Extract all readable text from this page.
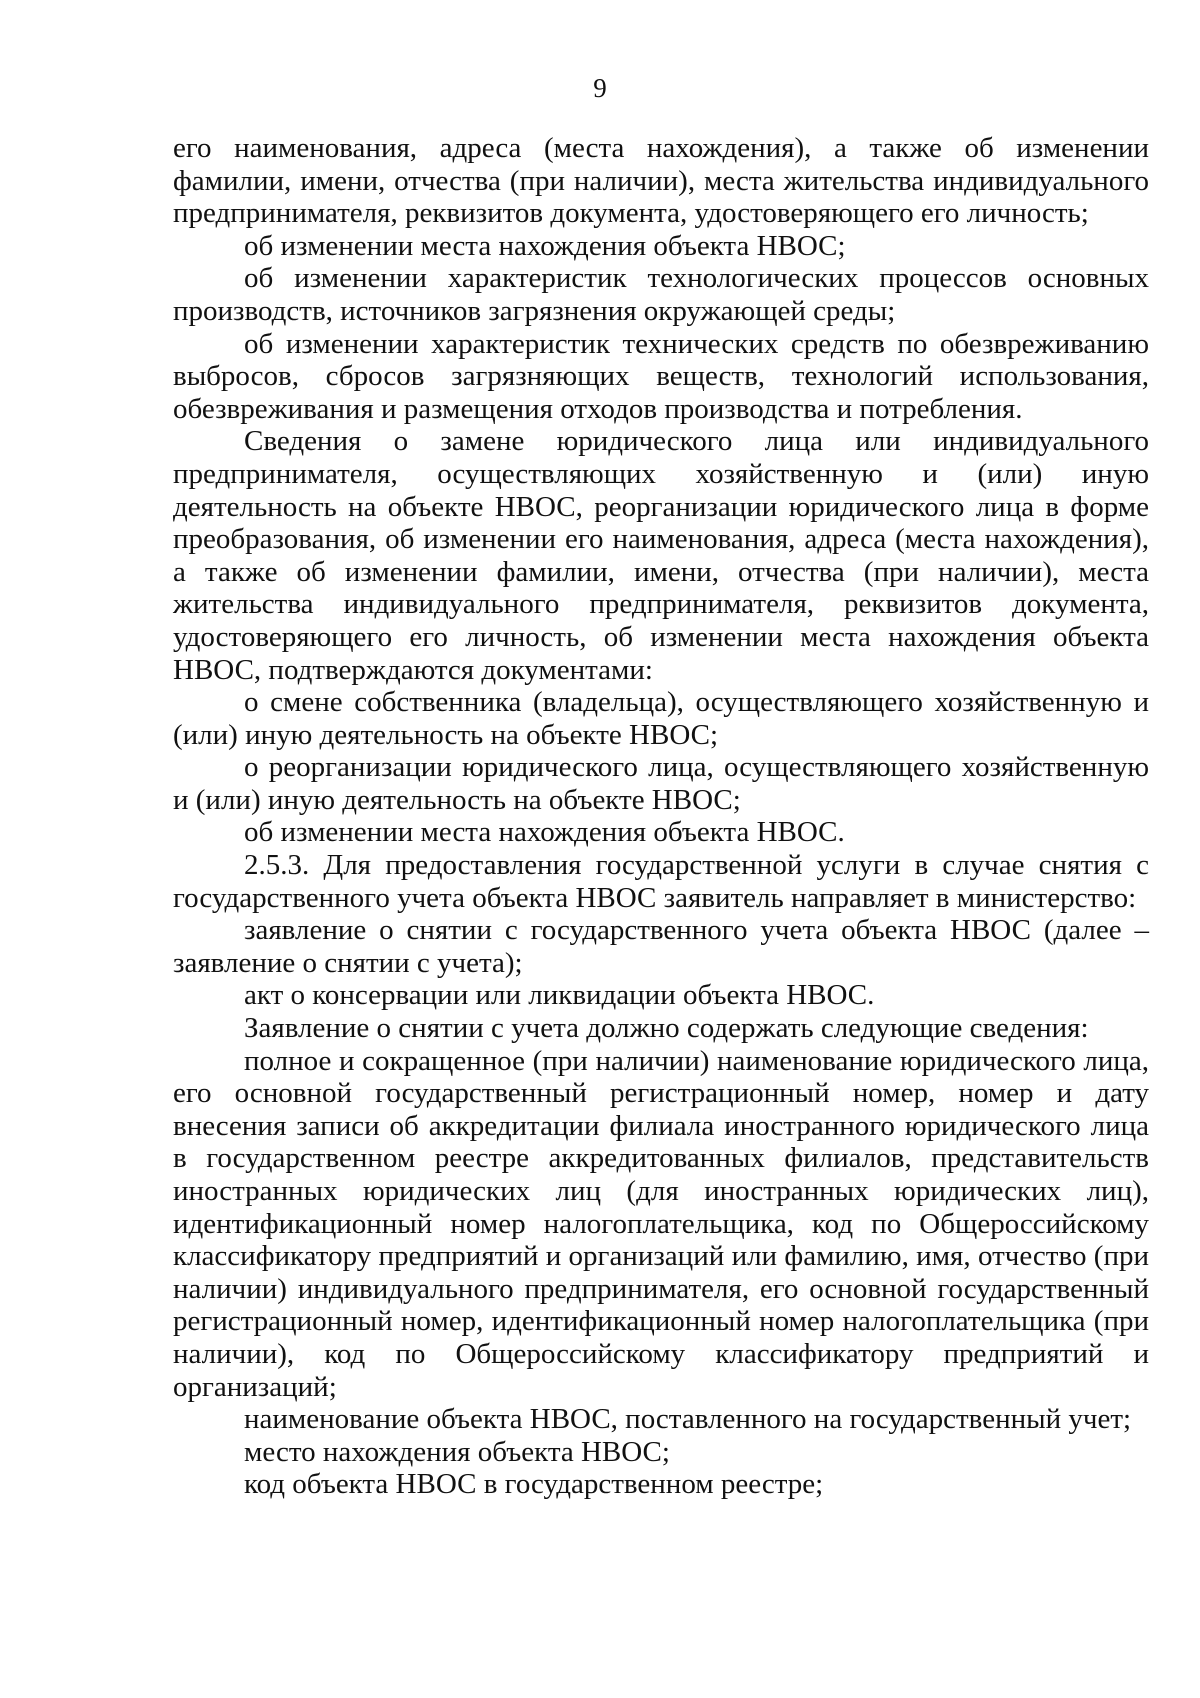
9

его наименования, адреса (места нахождения), а также об изменении фамилии, имени, отчества (при наличии), места жительства индивидуального предпринимателя, реквизитов документа, удостоверяющего его личность;

об изменении места нахождения объекта НВОС;

об изменении характеристик технологических процессов основных производств, источников загрязнения окружающей среды;

об изменении характеристик технических средств по обезвреживанию выбросов, сбросов загрязняющих веществ, технологий использования, обезвреживания и размещения отходов производства и потребления.

Сведения о замене юридического лица или индивидуального предпринимателя, осуществляющих хозяйственную и (или) иную деятельность на объекте НВОС, реорганизации юридического лица в форме преобразования, об изменении его наименования, адреса (места нахождения), а также об изменении фамилии, имени, отчества (при наличии), места жительства индивидуального предпринимателя, реквизитов документа, удостоверяющего его личность, об изменении места нахождения объекта НВОС, подтверждаются документами:

о смене собственника (владельца), осуществляющего хозяйственную и (или) иную деятельность на объекте НВОС;

о реорганизации юридического лица, осуществляющего хозяйственную и (или) иную деятельность на объекте НВОС;

об изменении места нахождения объекта НВОС.

2.5.3. Для предоставления государственной услуги в случае снятия с государственного учета объекта НВОС заявитель направляет в министерство:

заявление о снятии с государственного учета объекта НВОС (далее – заявление о снятии с учета);

акт о консервации или ликвидации объекта НВОС.

Заявление о снятии с учета должно содержать следующие сведения:

полное и сокращенное (при наличии) наименование юридического лица, его основной государственный регистрационный номер, номер и дату внесения записи об аккредитации филиала иностранного юридического лица в государственном реестре аккредитованных филиалов, представительств иностранных юридических лиц (для иностранных юридических лиц), идентификационный номер налогоплательщика, код по Общероссийскому классификатору предприятий и организаций или фамилию, имя, отчество (при наличии) индивидуального предпринимателя, его основной государственный регистрационный номер, идентификационный номер налогоплательщика (при наличии), код по Общероссийскому классификатору предприятий и организаций;

наименование объекта НВОС, поставленного на государственный учет;

место нахождения объекта НВОС;

код объекта НВОС в государственном реестре;
